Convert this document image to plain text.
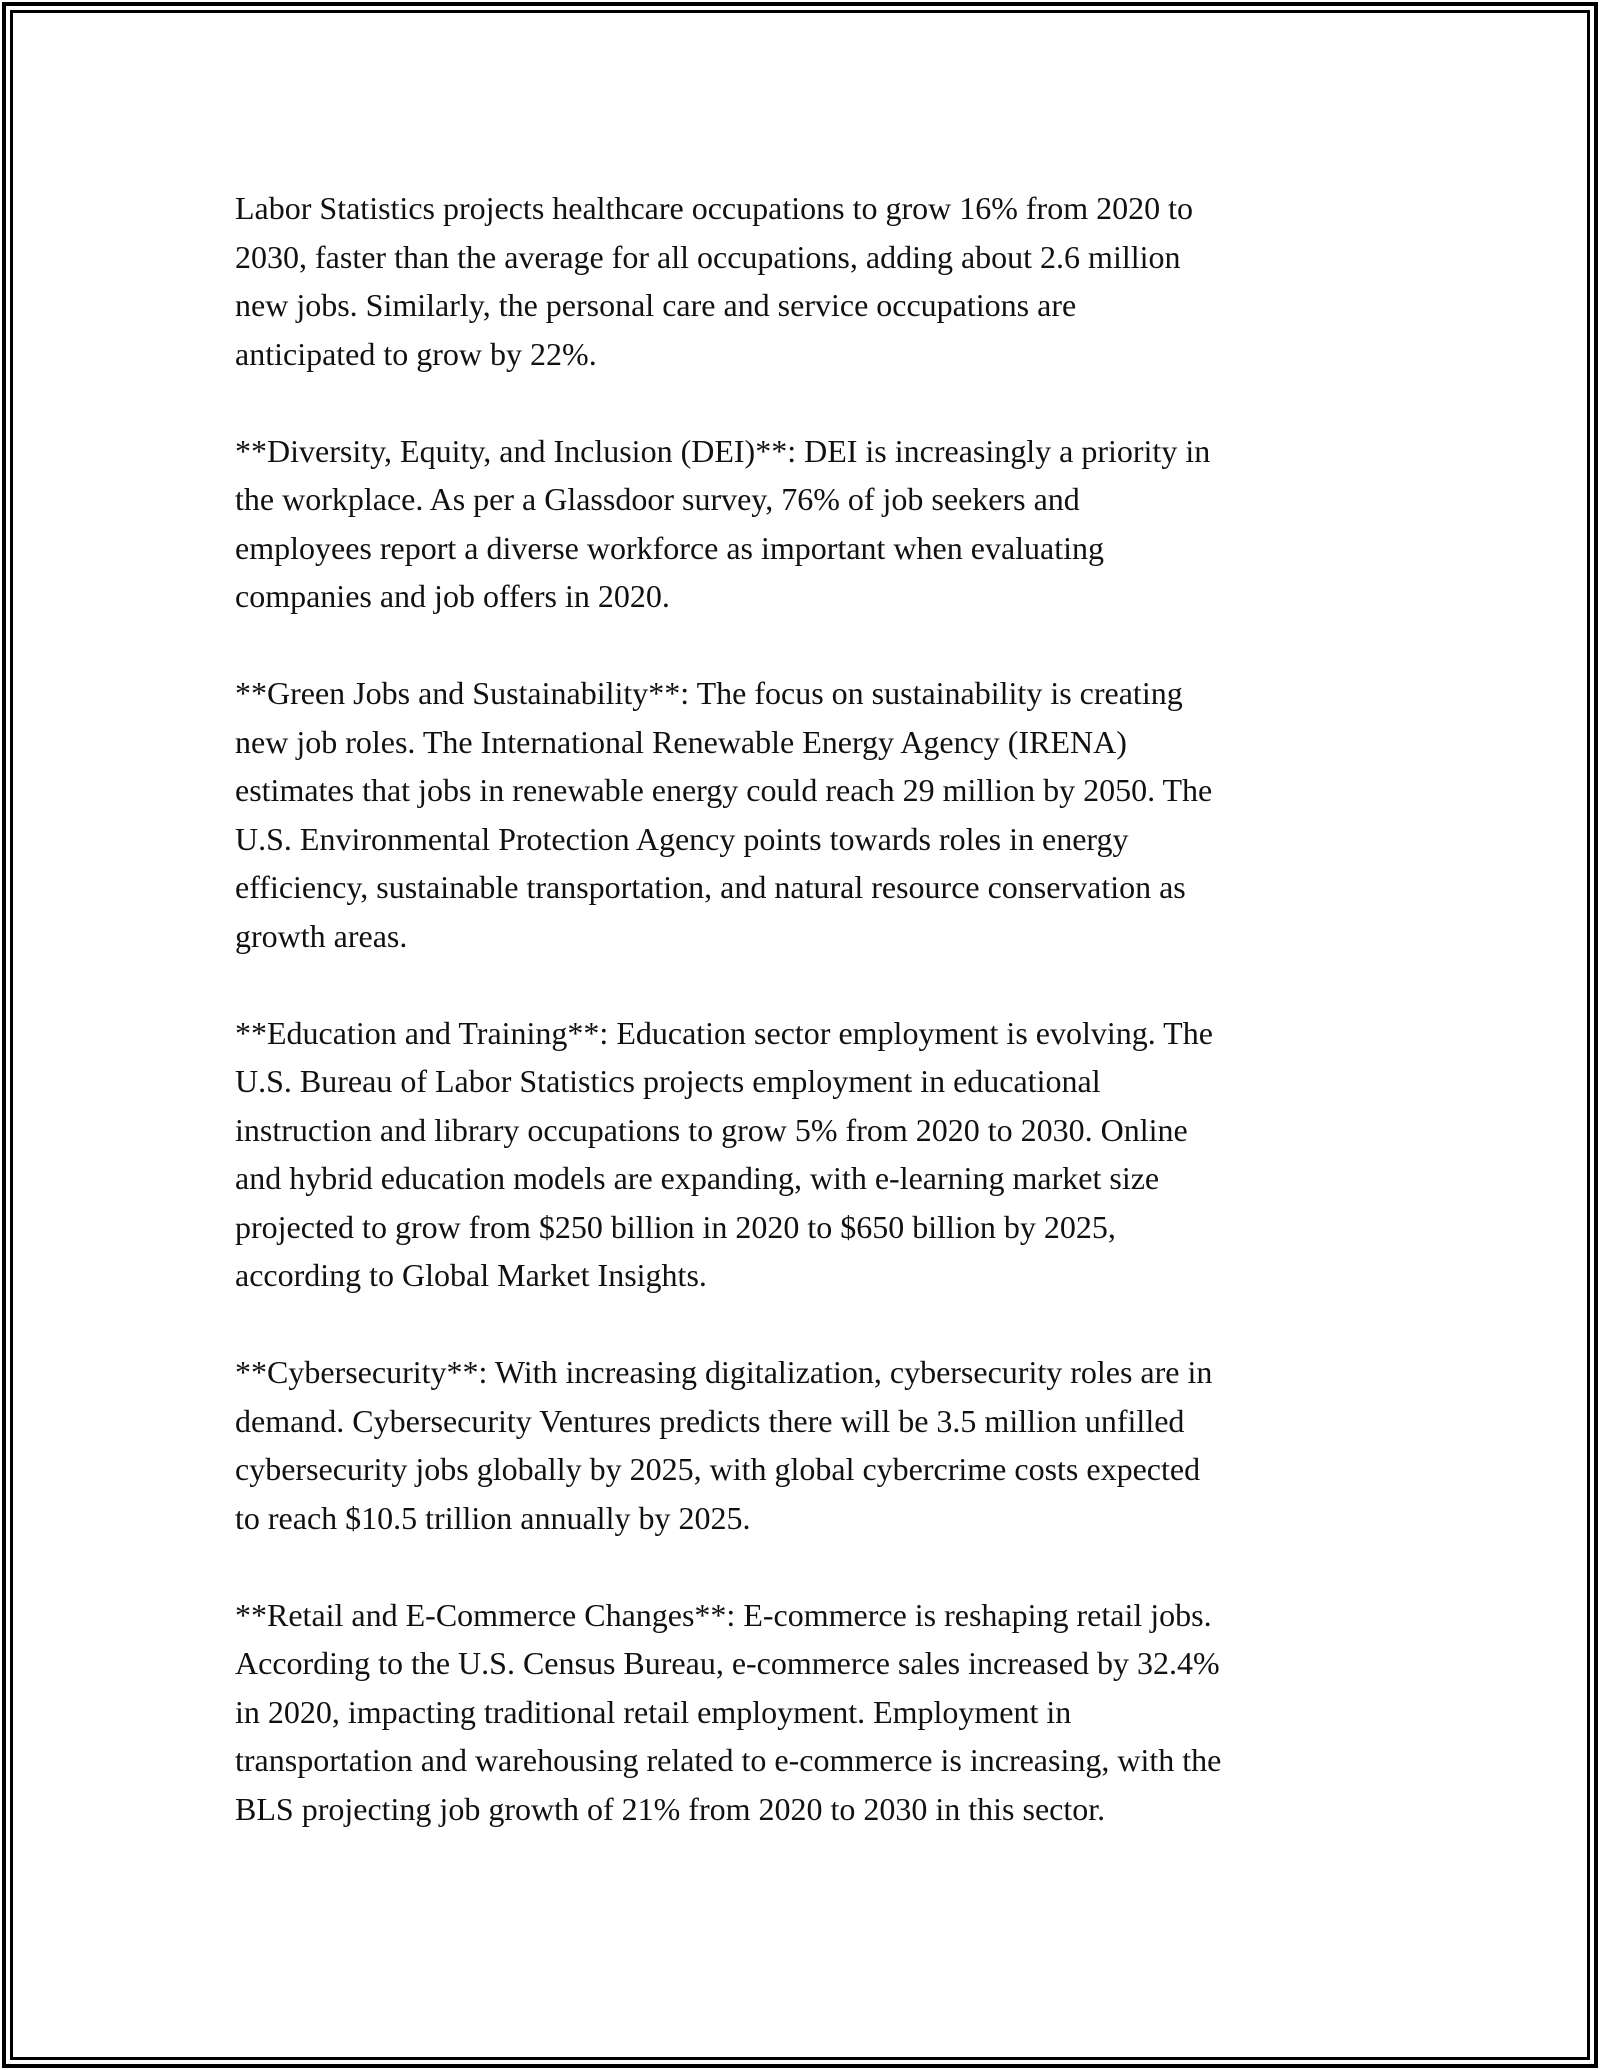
Labor Statistics projects healthcare occupations to grow 16% from 2020 to
2030, faster than the average for all occupations, adding about 2.6 million
new jobs. Similarly, the personal care and service occupations are
anticipated to grow by 22%.

**Diversity, Equity, and Inclusion (DEI)**: DEI is increasingly a priority in
the workplace. As per a Glassdoor survey, 76% of job seekers and
employees report a diverse workforce as important when evaluating
companies and job offers in 2020.

**Green Jobs and Sustainability**: The focus on sustainability is creating
new job roles. The International Renewable Energy Agency (IRENA)
estimates that jobs in renewable energy could reach 29 million by 2050. The
U.S. Environmental Protection Agency points towards roles in energy
efficiency, sustainable transportation, and natural resource conservation as
growth areas.

**Education and Training**: Education sector employment is evolving. The
U.S. Bureau of Labor Statistics projects employment in educational
instruction and library occupations to grow 5% from 2020 to 2030. Online
and hybrid education models are expanding, with e-learning market size
projected to grow from $250 billion in 2020 to $650 billion by 2025,
according to Global Market Insights.

**Cybersecurity**: With increasing digitalization, cybersecurity roles are in
demand. Cybersecurity Ventures predicts there will be 3.5 million unfilled
cybersecurity jobs globally by 2025, with global cybercrime costs expected
to reach $10.5 trillion annually by 2025.

**Retail and E-Commerce Changes**: E-commerce is reshaping retail jobs.
According to the U.S. Census Bureau, e-commerce sales increased by 32.4%
in 2020, impacting traditional retail employment. Employment in
transportation and warehousing related to e-commerce is increasing, with the
BLS projecting job growth of 21% from 2020 to 2030 in this sector.
